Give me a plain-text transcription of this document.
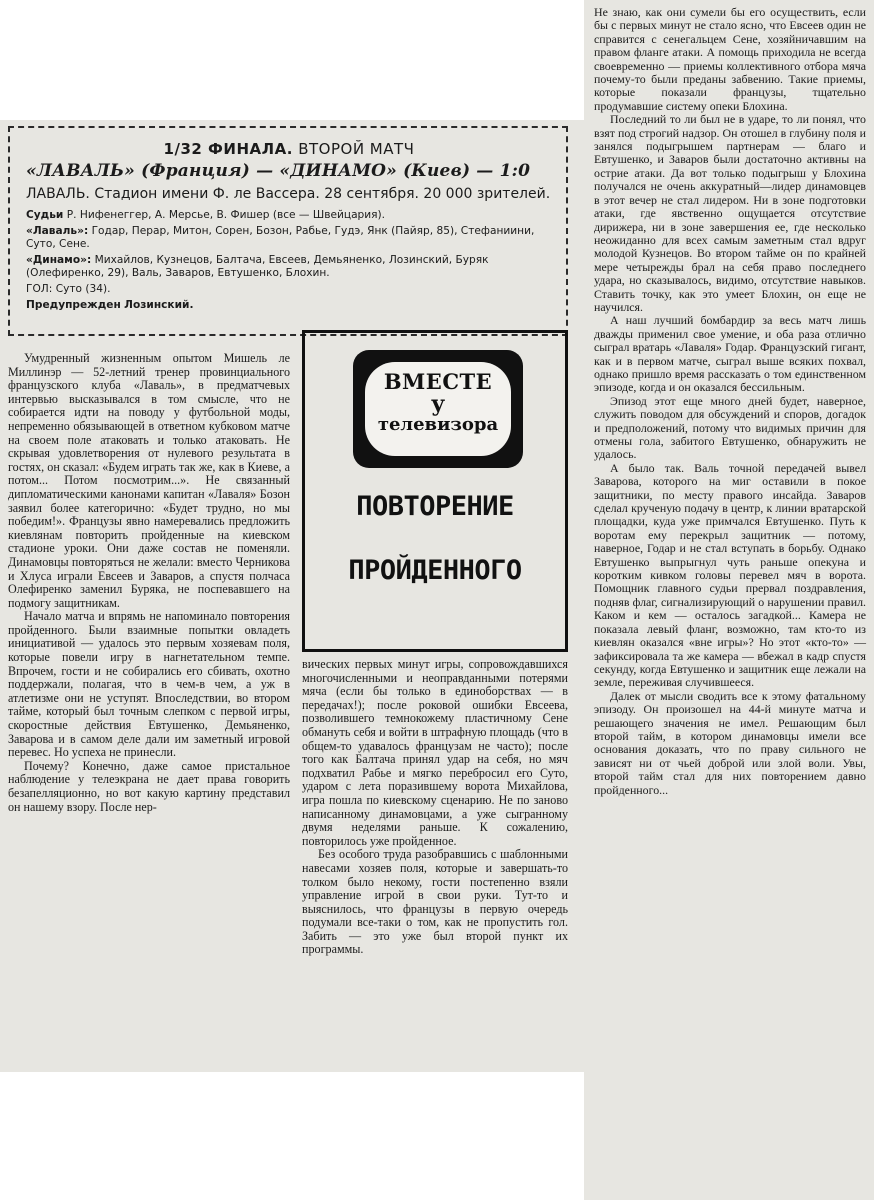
1/32 ФИНАЛА. ВТОРОЙ МАТЧ
«ЛАВАЛЬ» (Франция) — «ДИНАМО» (Киев) — 1:0
ЛАВАЛЬ. Стадион имени Ф. ле Вассера. 28 сентября. 20 000 зрителей.
Судьи Р. Нифенеггер, А. Мерсье, В. Фишер (все — Швейцария).
«Лаваль»: Годар, Перар, Митон, Сорен, Бозон, Рабье, Гудэ, Янк (Пайяр, 85), Стефаниини, Суто, Сене.
«Динамо»: Михайлов, Кузнецов, Балтача, Евсеев, Демьяненко, Лозинский, Буряк (Олефиренко, 29), Валь, Заваров, Евтушенко, Блохин.
ГОЛ: Суто (34).
Предупрежден Лозинский.
ВМЕСТЕ
у
телевизора
ПОВТОРЕНИЕ
ПРОЙДЕННОГО

Умудренный жизненным опытом Мишель ле Миллинэр — 52-летний тренер провинциального французского клуба «Лаваль», в предматчевых интервью высказывался в том смысле, что не собирается идти на поводу у футбольной моды, непременно обязывающей в ответном кубковом матче на своем поле атаковать и только атаковать. Не скрывая удовлетворения от нулевого результата в гостях, он сказал: «Будем играть так же, как в Киеве, а потом... Потом посмотрим...». Не связанный дипломатическими канонами капитан «Лаваля» Бозон заявил более категорично: «Будет трудно, но мы победим!». Французы явно намеревались предложить киевлянам повторить пройденные на киевском стадионе уроки. Они даже состав не поменяли. Динамовцы повторяться не желали: вместо Черникова и Хлуса играли Евсеев и Заваров, а спустя полчаса Олефиренко заменил Буряка, не поспевавшего на подмогу защитникам.

Начало матча и впрямь не напоминало повторения пройденного. Были взаимные попытки овладеть инициативой — удалось это первым хозяевам поля, которые повели игру в нагнетательном темпе. Впрочем, гости и не собирались его сбивать, охотно поддержали, полагая, что в чем-в чем, а уж в атлетизме они не уступят. Впоследствии, во втором тайме, который был точным слепком с первой игры, скоростные действия Евтушенко, Демьяненко, Заварова и в самом деле дали им заметный игровой перевес. Но успеха не принесли.

Почему? Конечно, даже самое пристальное наблюдение у телеэкрана не дает права говорить безапелляционно, но вот какую картину представил он нашему взору. После нер-

вических первых минут игры, сопровождавшихся многочисленными и неоправданными потерями мяча (если бы только в единоборствах — в передачах!); после роковой ошибки Евсеева, позволившего темнокожему пластичному Сене обмануть себя и войти в штрафную площадь (что в общем-то удавалось французам не часто); после того как Балтача принял удар на себя, но мяч подхватил Рабье и мягко перебросил его Суто, ударом с лета поразившему ворота Михайлова, игра пошла по киевскому сценарию. Не по заново написанному динамовцами, а уже сыгранному двумя неделями раньше. К сожалению, повторилось уже пройденное.

Без особого труда разобравшись с шаблонными навесами хозяев поля, которые и завершать-то толком было некому, гости постепенно взяли управление игрой в свои руки. Тут-то и выяснилось, что французы в первую очередь подумали все-таки о том, как не пропустить гол. Забить — это уже был второй пункт их программы.

Не знаю, как они сумели бы его осуществить, если бы с первых минут не стало ясно, что Евсеев один не справится с сенегальцем Сене, хозяйничавшим на правом фланге атаки. А помощь приходила не всегда своевременно — приемы коллективного отбора мяча почему-то были преданы забвению. Такие приемы, которые показали французы, тщательно продумавшие систему опеки Блохина.

Последний то ли был не в ударе, то ли понял, что взят под строгий надзор. Он отошел в глубину поля и занялся подыгрышем партнерам — благо и Евтушенко, и Заваров были достаточно активны на острие атаки. Да вот только подыгрыш у Блохина получался не очень аккуратный—лидер динамовцев в этот вечер не стал лидером. Ни в зоне подготовки атаки, где явственно ощущается отсутствие дирижера, ни в зоне завершения ее, где несколько неожиданно для всех самым заметным стал вдруг молодой Кузнецов. Во втором тайме он по крайней мере четырежды брал на себя право последнего удара, но сказывалось, видимо, отсутствие навыков. Ставить точку, как это умеет Блохин, он еще не научился.

А наш лучший бомбардир за весь матч лишь дважды применил свое умение, и оба раза отлично сыграл вратарь «Лаваля» Годар. Французский гигант, как и в первом матче, сыграл выше всяких похвал, однако пришло время рассказать о том единственном эпизоде, когда и он оказался бессильным.

Эпизод этот еще много дней будет, наверное, служить поводом для обсуждений и споров, догадок и предположений, потому что видимых причин для отмены гола, забитого Евтушенко, обнаружить не удалось.

А было так. Валь точной передачей вывел Заварова, которого на миг оставили в покое защитники, по месту правого инсайда. Заваров сделал крученую подачу в центр, к линии вратарской площадки, куда уже примчался Евтушенко. Путь к воротам ему перекрыл защитник — потому, наверное, Годар и не стал вступать в борьбу. Однако Евтушенко выпрыгнул чуть раньше опекуна и коротким кивком головы перевел мяч в ворота. Помощник главного судьи прервал поздравления, подняв флаг, сигнализирующий о нарушении правил. Каком и кем — осталось загадкой... Камера не показала левый фланг, возможно, там кто-то из киевлян оказался «вне игры»? Но этот «кто-то» — зафиксировала та же камера — вбежал в кадр спустя секунду, когда Евтушенко и защитник еще лежали на земле, переживая случившееся.

Далек от мысли сводить все к этому фатальному эпизоду. Он произошел на 44-й минуте матча и решающего значения не имел. Решающим был второй тайм, в котором динамовцы имели все основания доказать, что по праву сильного не зависят ни от чьей доброй или злой воли. Увы, второй тайм стал для них повторением давно пройденного...
